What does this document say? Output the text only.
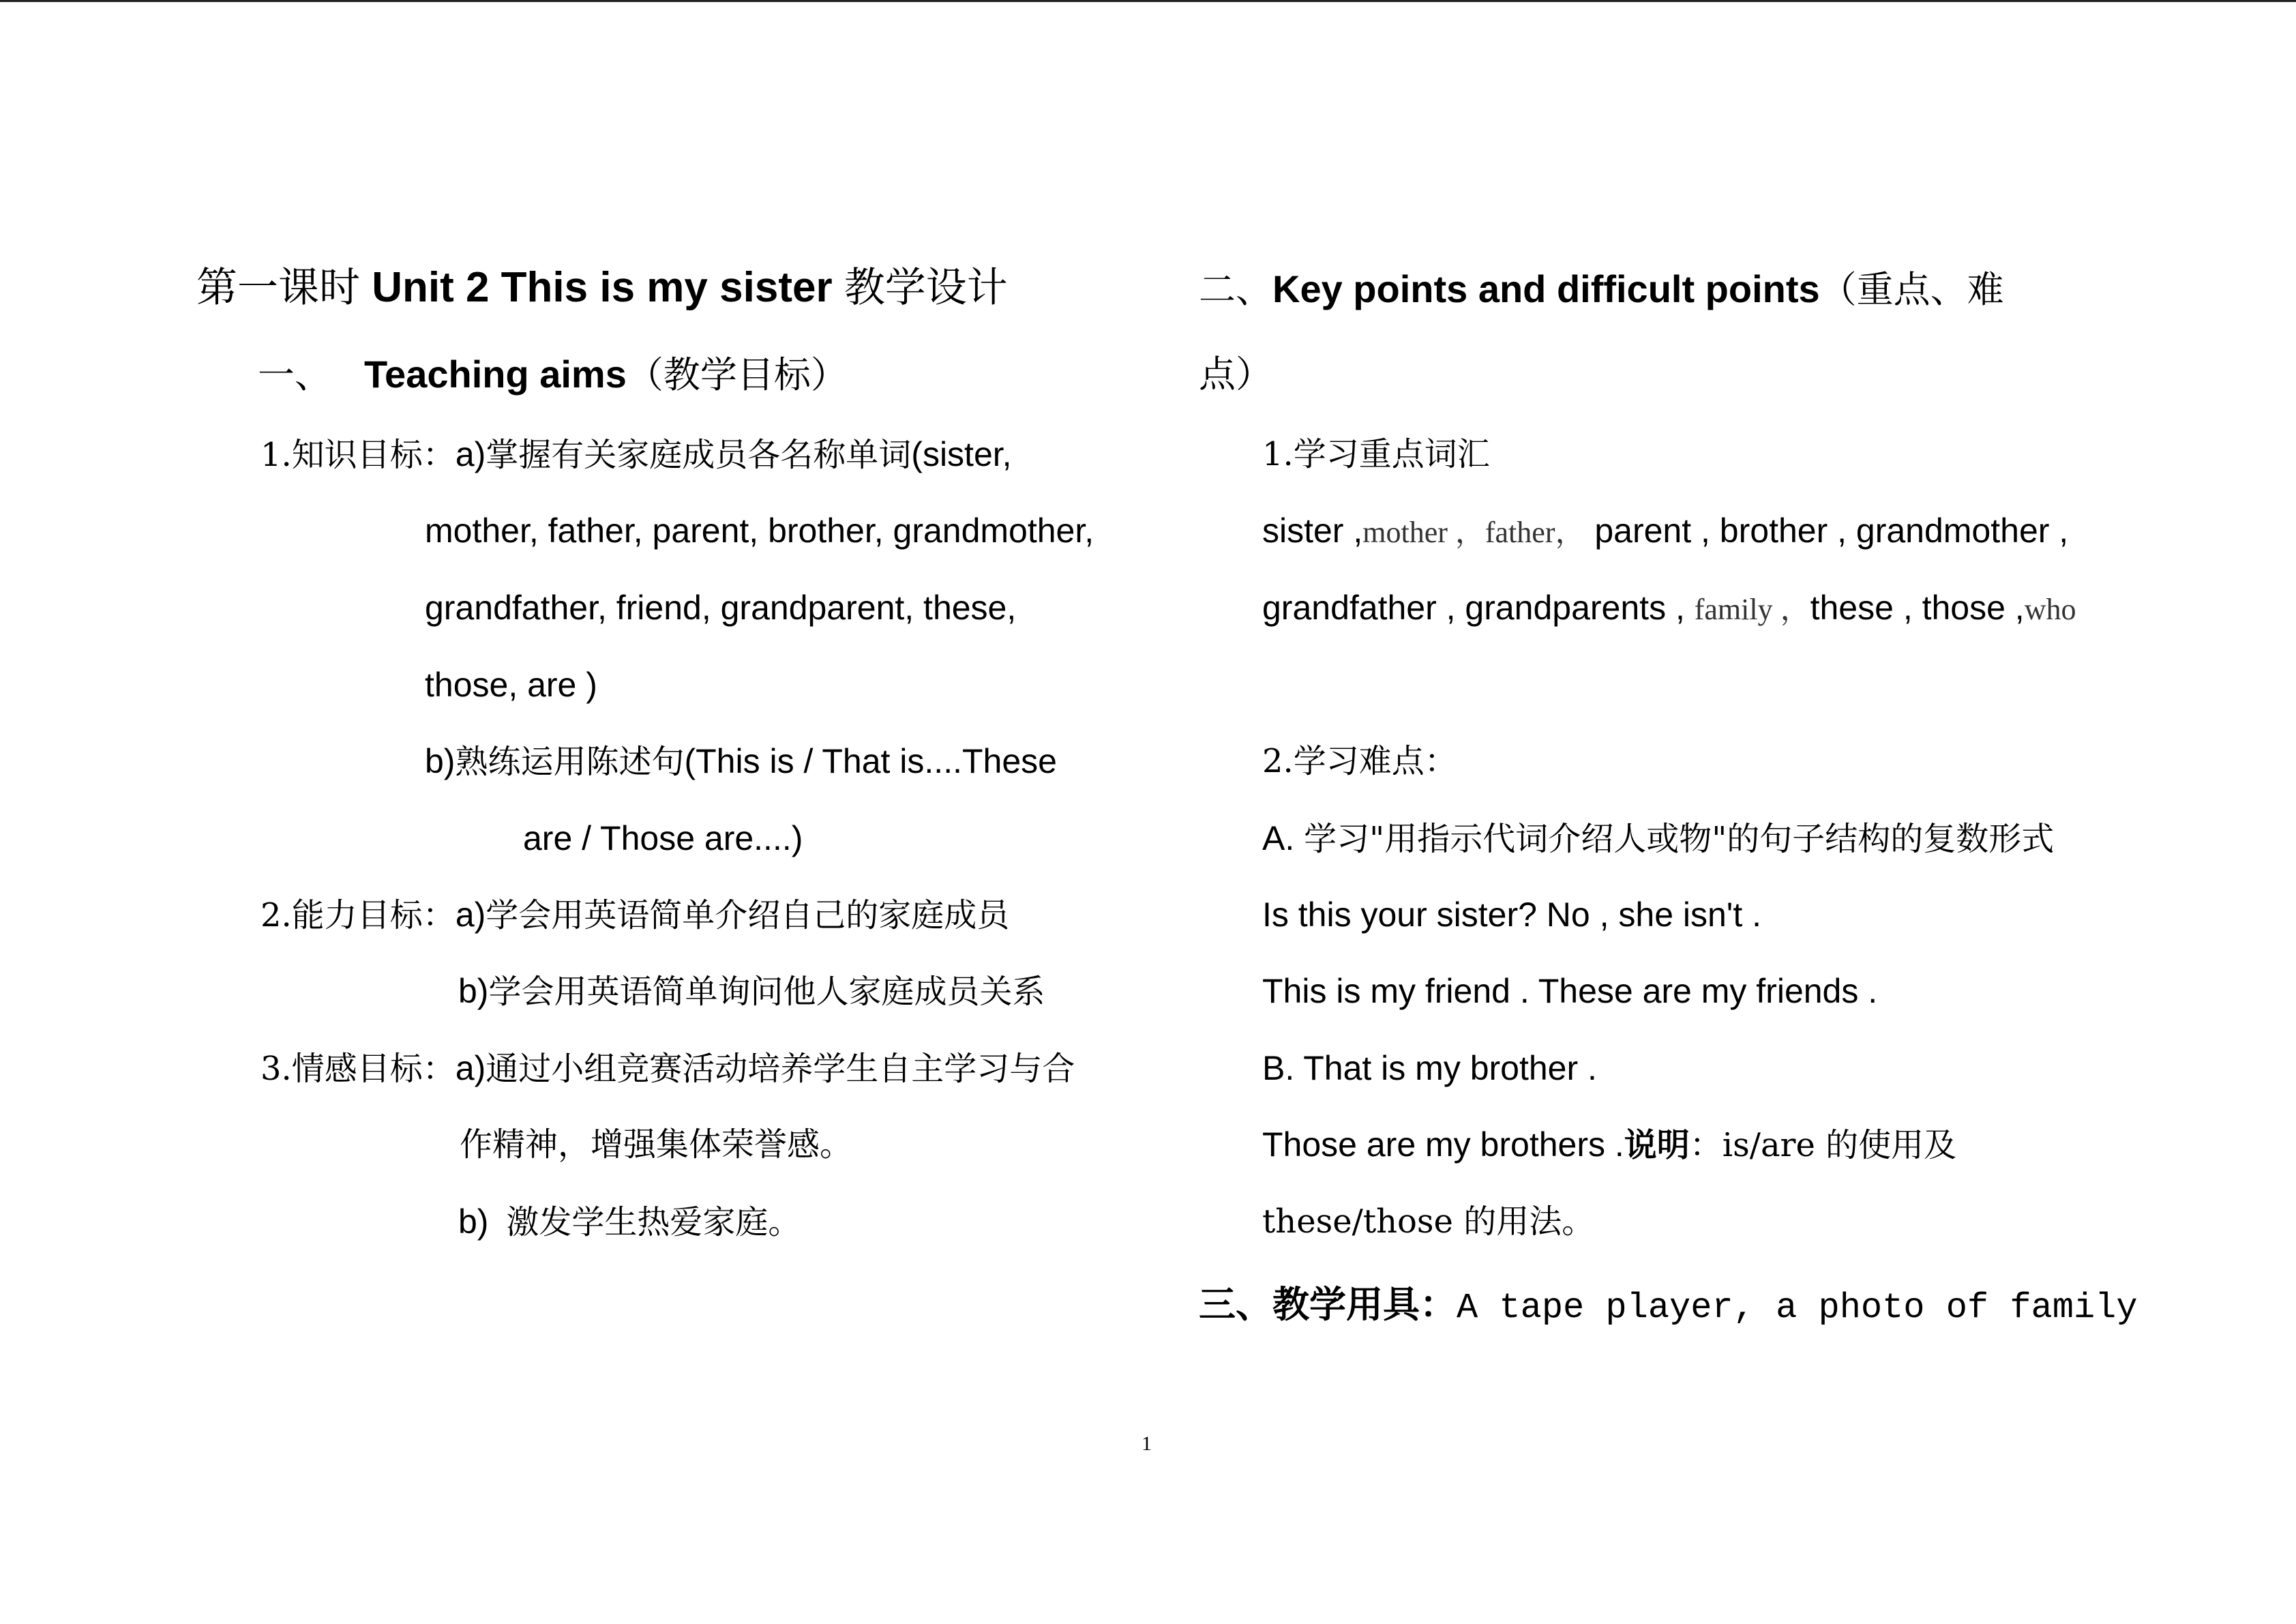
第一课时 Unit 2 This is my sister 教学设计
一、 Teaching aims（教学目标）
1.知识目标：a)掌握有关家庭成员各名称单词(sister,
mother, father, parent, brother, grandmother,
grandfather, friend, grandparent, these,
those, are )
b)熟练运用陈述句(This is / That is....These
are / Those are....)
2.能力目标：a)学会用英语简单介绍自己的家庭成员
b)学会用英语简单询问他人家庭成员关系
3.情感目标：a)通过小组竞赛活动培养学生自主学习与合
作精神，增强集体荣誉感。
b) 激发学生热爱家庭。
二、Key points and difficult points（重点、难
点）
1.学习重点词汇
sister ,mother ，father， parent , brother , grandmother ,
grandfather , grandparents , family ，these , those ,who
2.学习难点：
A. 学习"用指示代词介绍人或物"的句子结构的复数形式
Is this your sister? No , she isn't .
This is my friend . These are my friends .
B. That is my brother .
Those are my brothers .说明：is/are 的使用及
these/those 的用法。
三、教学用具：A tape player, a photo of family
1
